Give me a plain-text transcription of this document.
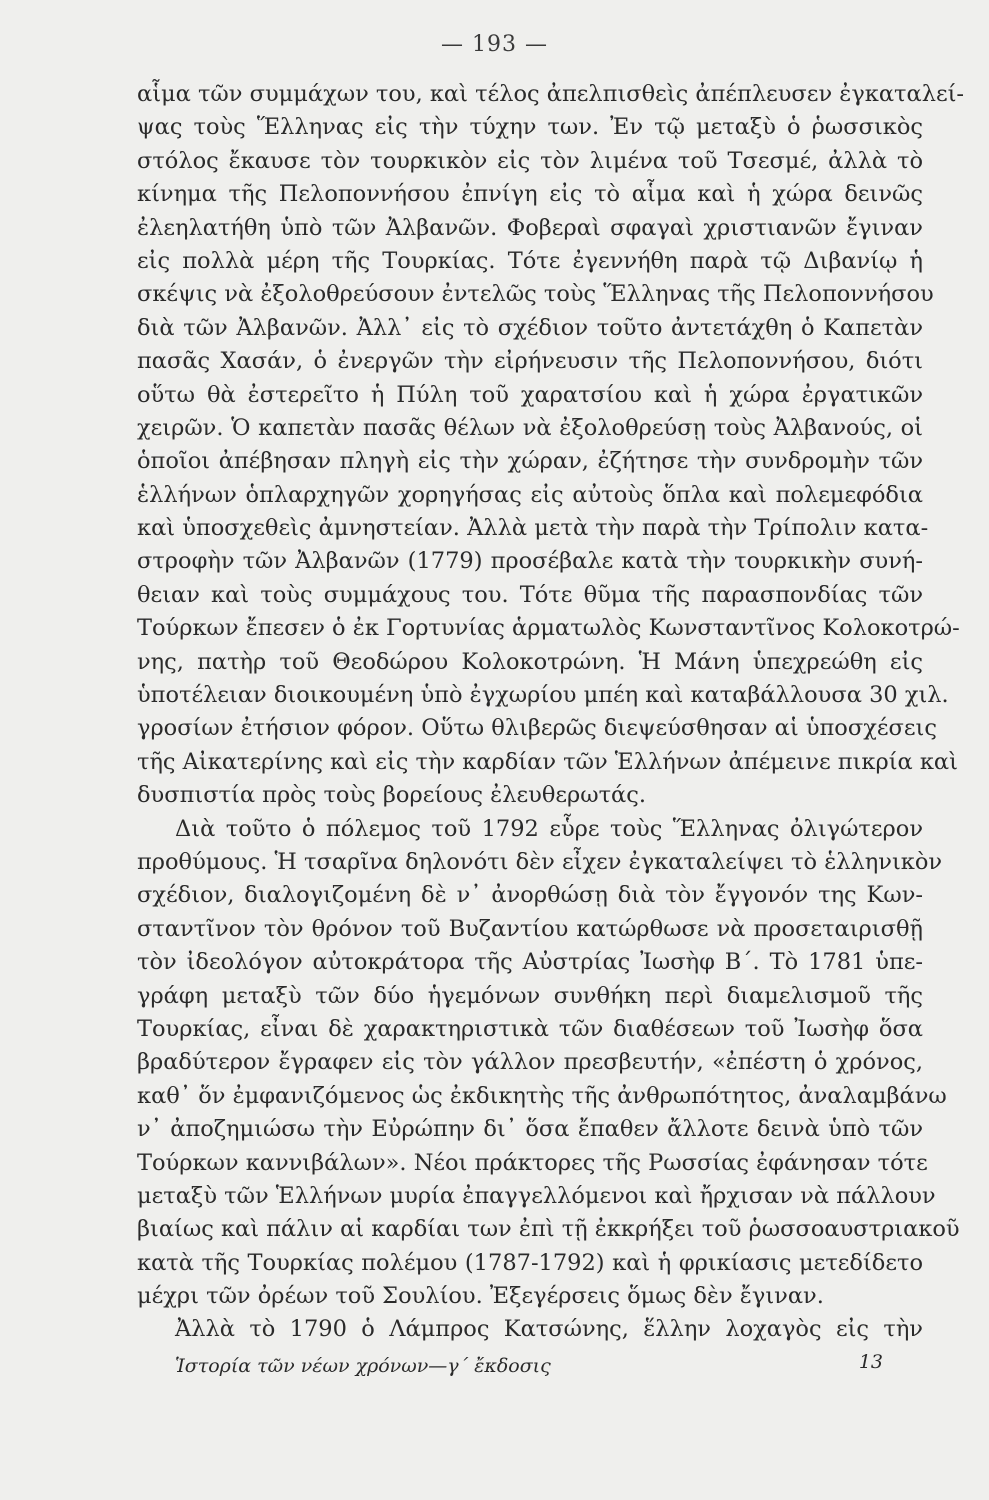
— 193 —
αἷμα τῶν συμμάχων του, καὶ τέλος ἀπελπισθεὶς ἀπέπλευσεν ἐγκαταλεί-
ψας τοὺς Ἕλληνας εἰς τὴν τύχην των. Ἐν τῷ μεταξὺ ὁ ῥωσσικὸς
στόλος ἔκαυσε τὸν τουρκικὸν εἰς τὸν λιμένα τοῦ Τσεσμέ, ἀλλὰ τὸ
κίνημα τῆς Πελοποννήσου ἐπνίγη εἰς τὸ αἷμα καὶ ἡ χώρα δεινῶς
ἐλεηλατήθη ὑπὸ τῶν Ἀλβανῶν. Φοβεραὶ σφαγαὶ χριστιανῶν ἔγιναν
εἰς πολλὰ μέρη τῆς Τουρκίας. Τότε ἐγεννήθη παρὰ τῷ Διβανίῳ ἡ
σκέψις νὰ ἐξολοθρεύσουν ἐντελῶς τοὺς Ἕλληνας τῆς Πελοποννήσου
διὰ τῶν Ἀλβανῶν. Ἀλλ᾽ εἰς τὸ σχέδιον τοῦτο ἀντετάχθη ὁ Καπετὰν
πασᾶς Χασάν, ὁ ἐνεργῶν τὴν εἰρήνευσιν τῆς Πελοποννήσου, διότι
οὕτω θὰ ἐστερεῖτο ἡ Πύλη τοῦ χαρατσίου καὶ ἡ χώρα ἐργατικῶν
χειρῶν. Ὁ καπετὰν πασᾶς θέλων νὰ ἐξολοθρεύσῃ τοὺς Ἀλβανούς, οἱ
ὁποῖοι ἀπέβησαν πληγὴ εἰς τὴν χώραν, ἐζήτησε τὴν συνδρομὴν τῶν
ἑλλήνων ὁπλαρχηγῶν χορηγήσας εἰς αὐτοὺς ὅπλα καὶ πολεμεφόδια
καὶ ὑποσχεθεὶς ἀμνηστείαν. Ἀλλὰ μετὰ τὴν παρὰ τὴν Τρίπολιν κατα-
στροφὴν τῶν Ἀλβανῶν (1779) προσέβαλε κατὰ τὴν τουρκικὴν συνή-
θειαν καὶ τοὺς συμμάχους του. Τότε θῦμα τῆς παρασπονδίας τῶν
Τούρκων ἔπεσεν ὁ ἐκ Γορτυνίας ἁρματωλὸς Κωνσταντῖνος Κολοκοτρώ-
νης, πατὴρ τοῦ Θεοδώρου Κολοκοτρώνη. Ἡ Μάνη ὑπεχρεώθη εἰς
ὑποτέλειαν διοικουμένη ὑπὸ ἐγχωρίου μπέη καὶ καταβάλλουσα 30 χιλ.
γροσίων ἐτήσιον φόρον. Οὕτω θλιβερῶς διεψεύσθησαν αἱ ὑποσχέσεις
τῆς Αἰκατερίνης καὶ εἰς τὴν καρδίαν τῶν Ἑλλήνων ἀπέμεινε πικρία καὶ
δυσπιστία πρὸς τοὺς βορείους ἐλευθερωτάς.
Διὰ τοῦτο ὁ πόλεμος τοῦ 1792 εὗρε τοὺς Ἕλληνας ὀλιγώτερον
προθύμους. Ἡ τσαρῖνα δηλονότι δὲν εἶχεν ἐγκαταλείψει τὸ ἑλληνικὸν
σχέδιον, διαλογιζομένη δὲ ν᾽ ἀνορθώσῃ διὰ τὸν ἔγγονόν της Κων-
σταντῖνον τὸν θρόνον τοῦ Βυζαντίου κατώρθωσε νὰ προσεταιρισθῇ
τὸν ἰδεολόγον αὐτοκράτορα τῆς Αὐστρίας Ἰωσὴφ Β΄. Τὸ 1781 ὑπε-
γράφη μεταξὺ τῶν δύο ἡγεμόνων συνθήκη περὶ διαμελισμοῦ τῆς
Τουρκίας, εἶναι δὲ χαρακτηριστικὰ τῶν διαθέσεων τοῦ Ἰωσὴφ ὅσα
βραδύτερον ἔγραφεν εἰς τὸν γάλλον πρεσβευτήν, «ἐπέστη ὁ χρόνος,
καθ᾽ ὅν ἐμφανιζόμενος ὡς ἐκδικητὴς τῆς ἀνθρωπότητος, ἀναλαμβάνω
ν᾽ ἀποζημιώσω τὴν Εὐρώπην δι᾽ ὅσα ἔπαθεν ἄλλοτε δεινὰ ὑπὸ τῶν
Τούρκων καννιβάλων». Νέοι πράκτορες τῆς Ρωσσίας ἐφάνησαν τότε
μεταξὺ τῶν Ἑλλήνων μυρία ἐπαγγελλόμενοι καὶ ἤρχισαν νὰ πάλλουν
βιαίως καὶ πάλιν αἱ καρδίαι των ἐπὶ τῇ ἐκκρήξει τοῦ ῥωσσοαυστριακοῦ
κατὰ τῆς Τουρκίας πολέμου (1787-1792) καὶ ἡ φρικίασις μετεδίδετο
μέχρι τῶν ὀρέων τοῦ Σουλίου. Ἐξεγέρσεις ὅμως δὲν ἔγιναν.
Ἀλλὰ τὸ 1790 ὁ Λάμπρος Κατσώνης, ἕλλην λοχαγὸς εἰς τὴν
Ἱστορία τῶν νέων χρόνων—γ΄ ἔκδοσις	13
